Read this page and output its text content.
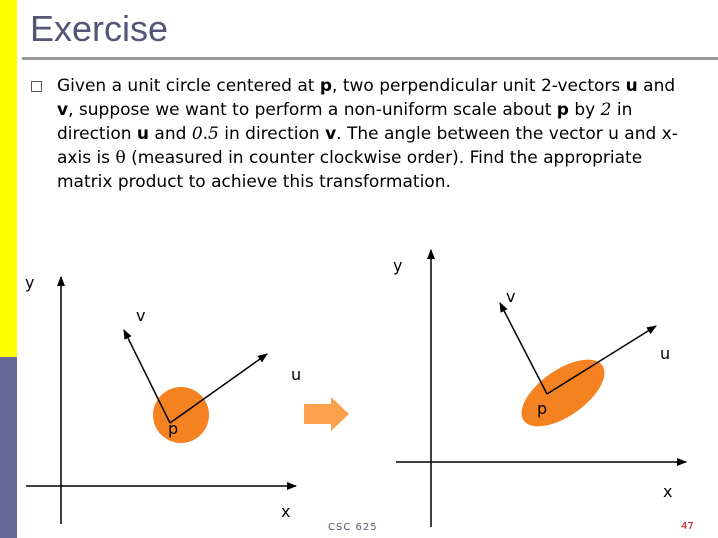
Exercise
Given a unit circle centered at p, two perpendicular unit 2-vectors u and v, suppose we want to perform a non-uniform scale about p by 2 in direction u and 0.5 in direction v. The angle between the vector u and x-axis is θ (measured in counter clockwise order). Find the appropriate matrix product to achieve this transformation.
y
x
v
u
p
y
x
v
u
p
CSC 625	47
